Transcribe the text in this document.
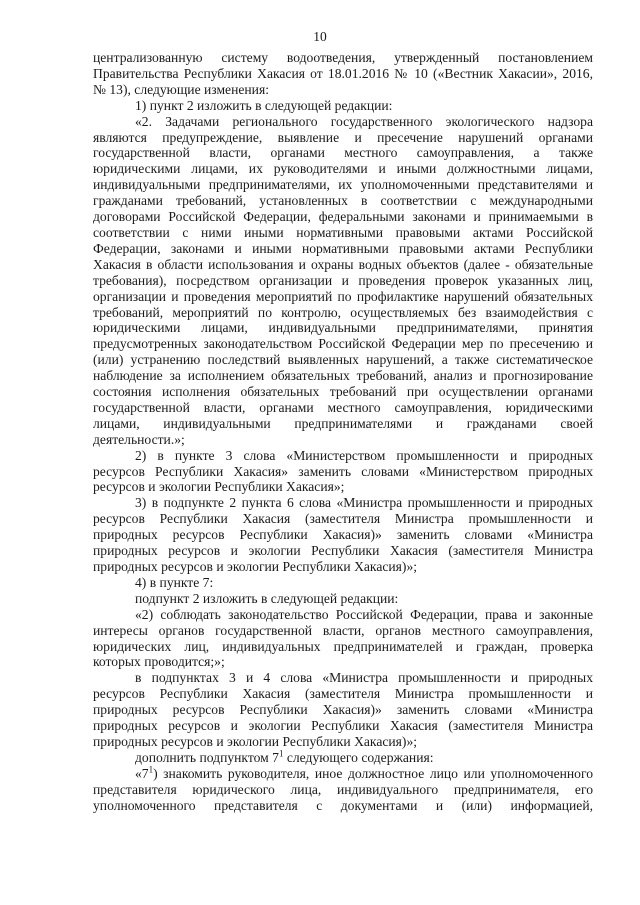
10
централизованную систему водоотведения, утвержденный постановлением
Правительства Республики Хакасия от 18.01.2016 № 10 («Вестник Хакасии», 2016,
№ 13), следующие изменения:
1) пункт 2 изложить в следующей редакции:
«2. Задачами регионального государственного экологического надзора
являются предупреждение, выявление и пресечение нарушений органами
государственной власти, органами местного самоуправления, а также
юридическими лицами, их руководителями и иными должностными лицами,
индивидуальными предпринимателями, их уполномоченными представителями и
гражданами требований, установленных в соответствии с международными
договорами Российской Федерации, федеральными законами и принимаемыми в
соответствии с ними иными нормативными правовыми актами Российской
Федерации, законами и иными нормативными правовыми актами Республики
Хакасия в области использования и охраны водных объектов (далее - обязательные
требования), посредством организации и проведения проверок указанных лиц,
организации и проведения мероприятий по профилактике нарушений обязательных
требований, мероприятий по контролю, осуществляемых без взаимодействия с
юридическими лицами, индивидуальными предпринимателями, принятия
предусмотренных законодательством Российской Федерации мер по пресечению и
(или) устранению последствий выявленных нарушений, а также систематическое
наблюдение за исполнением обязательных требований, анализ и прогнозирование
состояния исполнения обязательных требований при осуществлении органами
государственной власти, органами местного самоуправления, юридическими
лицами, индивидуальными предпринимателями и гражданами своей
деятельности.»;
2) в пункте 3 слова «Министерством промышленности и природных
ресурсов Республики Хакасия» заменить словами «Министерством природных
ресурсов и экологии Республики Хакасия»;
3) в подпункте 2 пункта 6 слова «Министра промышленности и природных
ресурсов Республики Хакасия (заместителя Министра промышленности и
природных ресурсов Республики Хакасия)» заменить словами «Министра
природных ресурсов и экологии Республики Хакасия (заместителя Министра
природных ресурсов и экологии Республики Хакасия)»;
4) в пункте 7:
подпункт 2 изложить в следующей редакции:
«2) соблюдать законодательство Российской Федерации, права и законные
интересы органов государственной власти, органов местного самоуправления,
юридических лиц, индивидуальных предпринимателей и граждан, проверка
которых проводится;»;
в подпунктах 3 и 4 слова «Министра промышленности и природных
ресурсов Республики Хакасия (заместителя Министра промышленности и
природных ресурсов Республики Хакасия)» заменить словами «Министра
природных ресурсов и экологии Республики Хакасия (заместителя Министра
природных ресурсов и экологии Республики Хакасия)»;
дополнить подпунктом $7^1$ следующего содержания:
«$7^1$) знакомить руководителя, иное должностное лицо или уполномоченного
представителя юридического лица, индивидуального предпринимателя, его
уполномоченного представителя с документами и (или) информацией,
